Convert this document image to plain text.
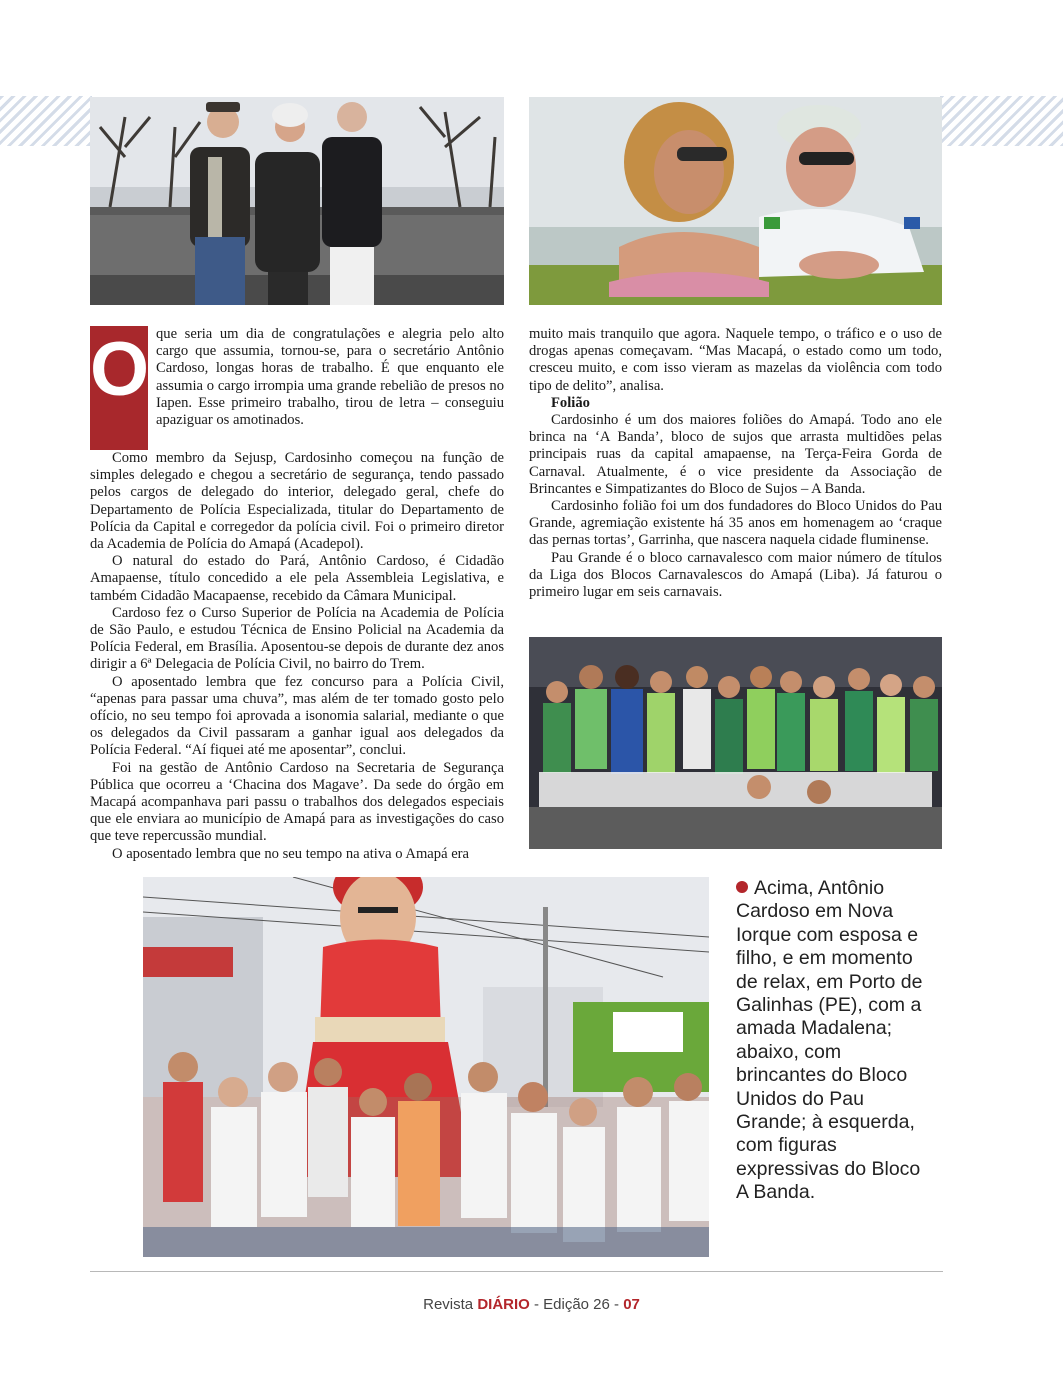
O que seria um dia de congratulações e alegria pelo alto cargo que assumia, tornou-se, para o secretário Antônio Cardoso, longas horas de trabalho. É que enquanto ele assumia o cargo irrompia uma grande rebelião de presos no Iapen. Esse primeiro trabalho, tirou de letra – conseguiu apaziguar os amotinados.

Como membro da Sejusp, Cardosinho começou na função de simples delegado e chegou a secretário de segurança, tendo passado pelos cargos de delegado do interior, delegado geral, chefe do Departamento de Polícia Especializada, titular do Departamento de Polícia da Capital e corregedor da polícia civil. Foi o primeiro diretor da Academia de Polícia do Amapá (Acadepol).

O natural do estado do Pará, Antônio Cardoso, é Cidadão Amapaense, título concedido a ele pela Assembleia Legislativa, e também Cidadão Macapaense, recebido da Câmara Municipal.

Cardoso fez o Curso Superior de Polícia na Academia de Polícia de São Paulo, e estudou Técnica de Ensino Policial na Academia da Polícia Federal, em Brasília. Aposentou-se depois de durante dez anos dirigir a 6ª Delegacia de Polícia Civil, no bairro do Trem.

O aposentado lembra que fez concurso para a Polícia Civil, “apenas para passar uma chuva”, mas além de ter tomado gosto pelo ofício, no seu tempo foi aprovada a isonomia salarial, mediante o que os delegados da Civil passaram a ganhar igual aos delegados da Polícia Federal. “Aí fiquei até me aposentar”, conclui.

Foi na gestão de Antônio Cardoso na Secretaria de Segurança Pública que ocorreu a ‘Chacina dos Magave’. Da sede do órgão em Macapá acompanhava pari passu o trabalhos dos delegados especiais que ele enviara ao município de Amapá para as investigações do caso que teve repercussão mundial.

O aposentado lembra que no seu tempo na ativa o Amapá era

muito mais tranquilo que agora. Naquele tempo, o tráfico e o uso de drogas apenas começavam. “Mas Macapá, o estado como um todo, cresceu muito, e com isso vieram as mazelas da violência com todo tipo de delito”, analisa.

Folião

Cardosinho é um dos maiores foliões do Amapá. Todo ano ele brinca na ‘A Banda’, bloco de sujos que arrasta multidões pelas principais ruas da capital amapaense, na Terça-Feira Gorda de Carnaval. Atualmente, é o vice presidente da Associação de Brincantes e Simpatizantes do Bloco de Sujos – A Banda.

Cardosinho folião foi um dos fundadores do Bloco Unidos do Pau Grande, agremiação existente há 35 anos em homenagem ao ‘craque das pernas tortas’, Garrinha, que nascera naquela cidade fluminense.

Pau Grande é o bloco carnavalesco com maior número de títulos da Liga dos Blocos Carnavalescos do Amapá (Liba). Já faturou o primeiro lugar em seis carnavais.

Acima, Antônio Cardoso em Nova Iorque com esposa e filho, e em momento de relax, em Porto de Galinhas (PE), com a amada Madalena; abaixo, com brincantes do Bloco Unidos do Pau Grande; à esquerda, com figuras expressivas do Bloco A Banda.
Revista DIÁRIO - Edição 26 - 07
